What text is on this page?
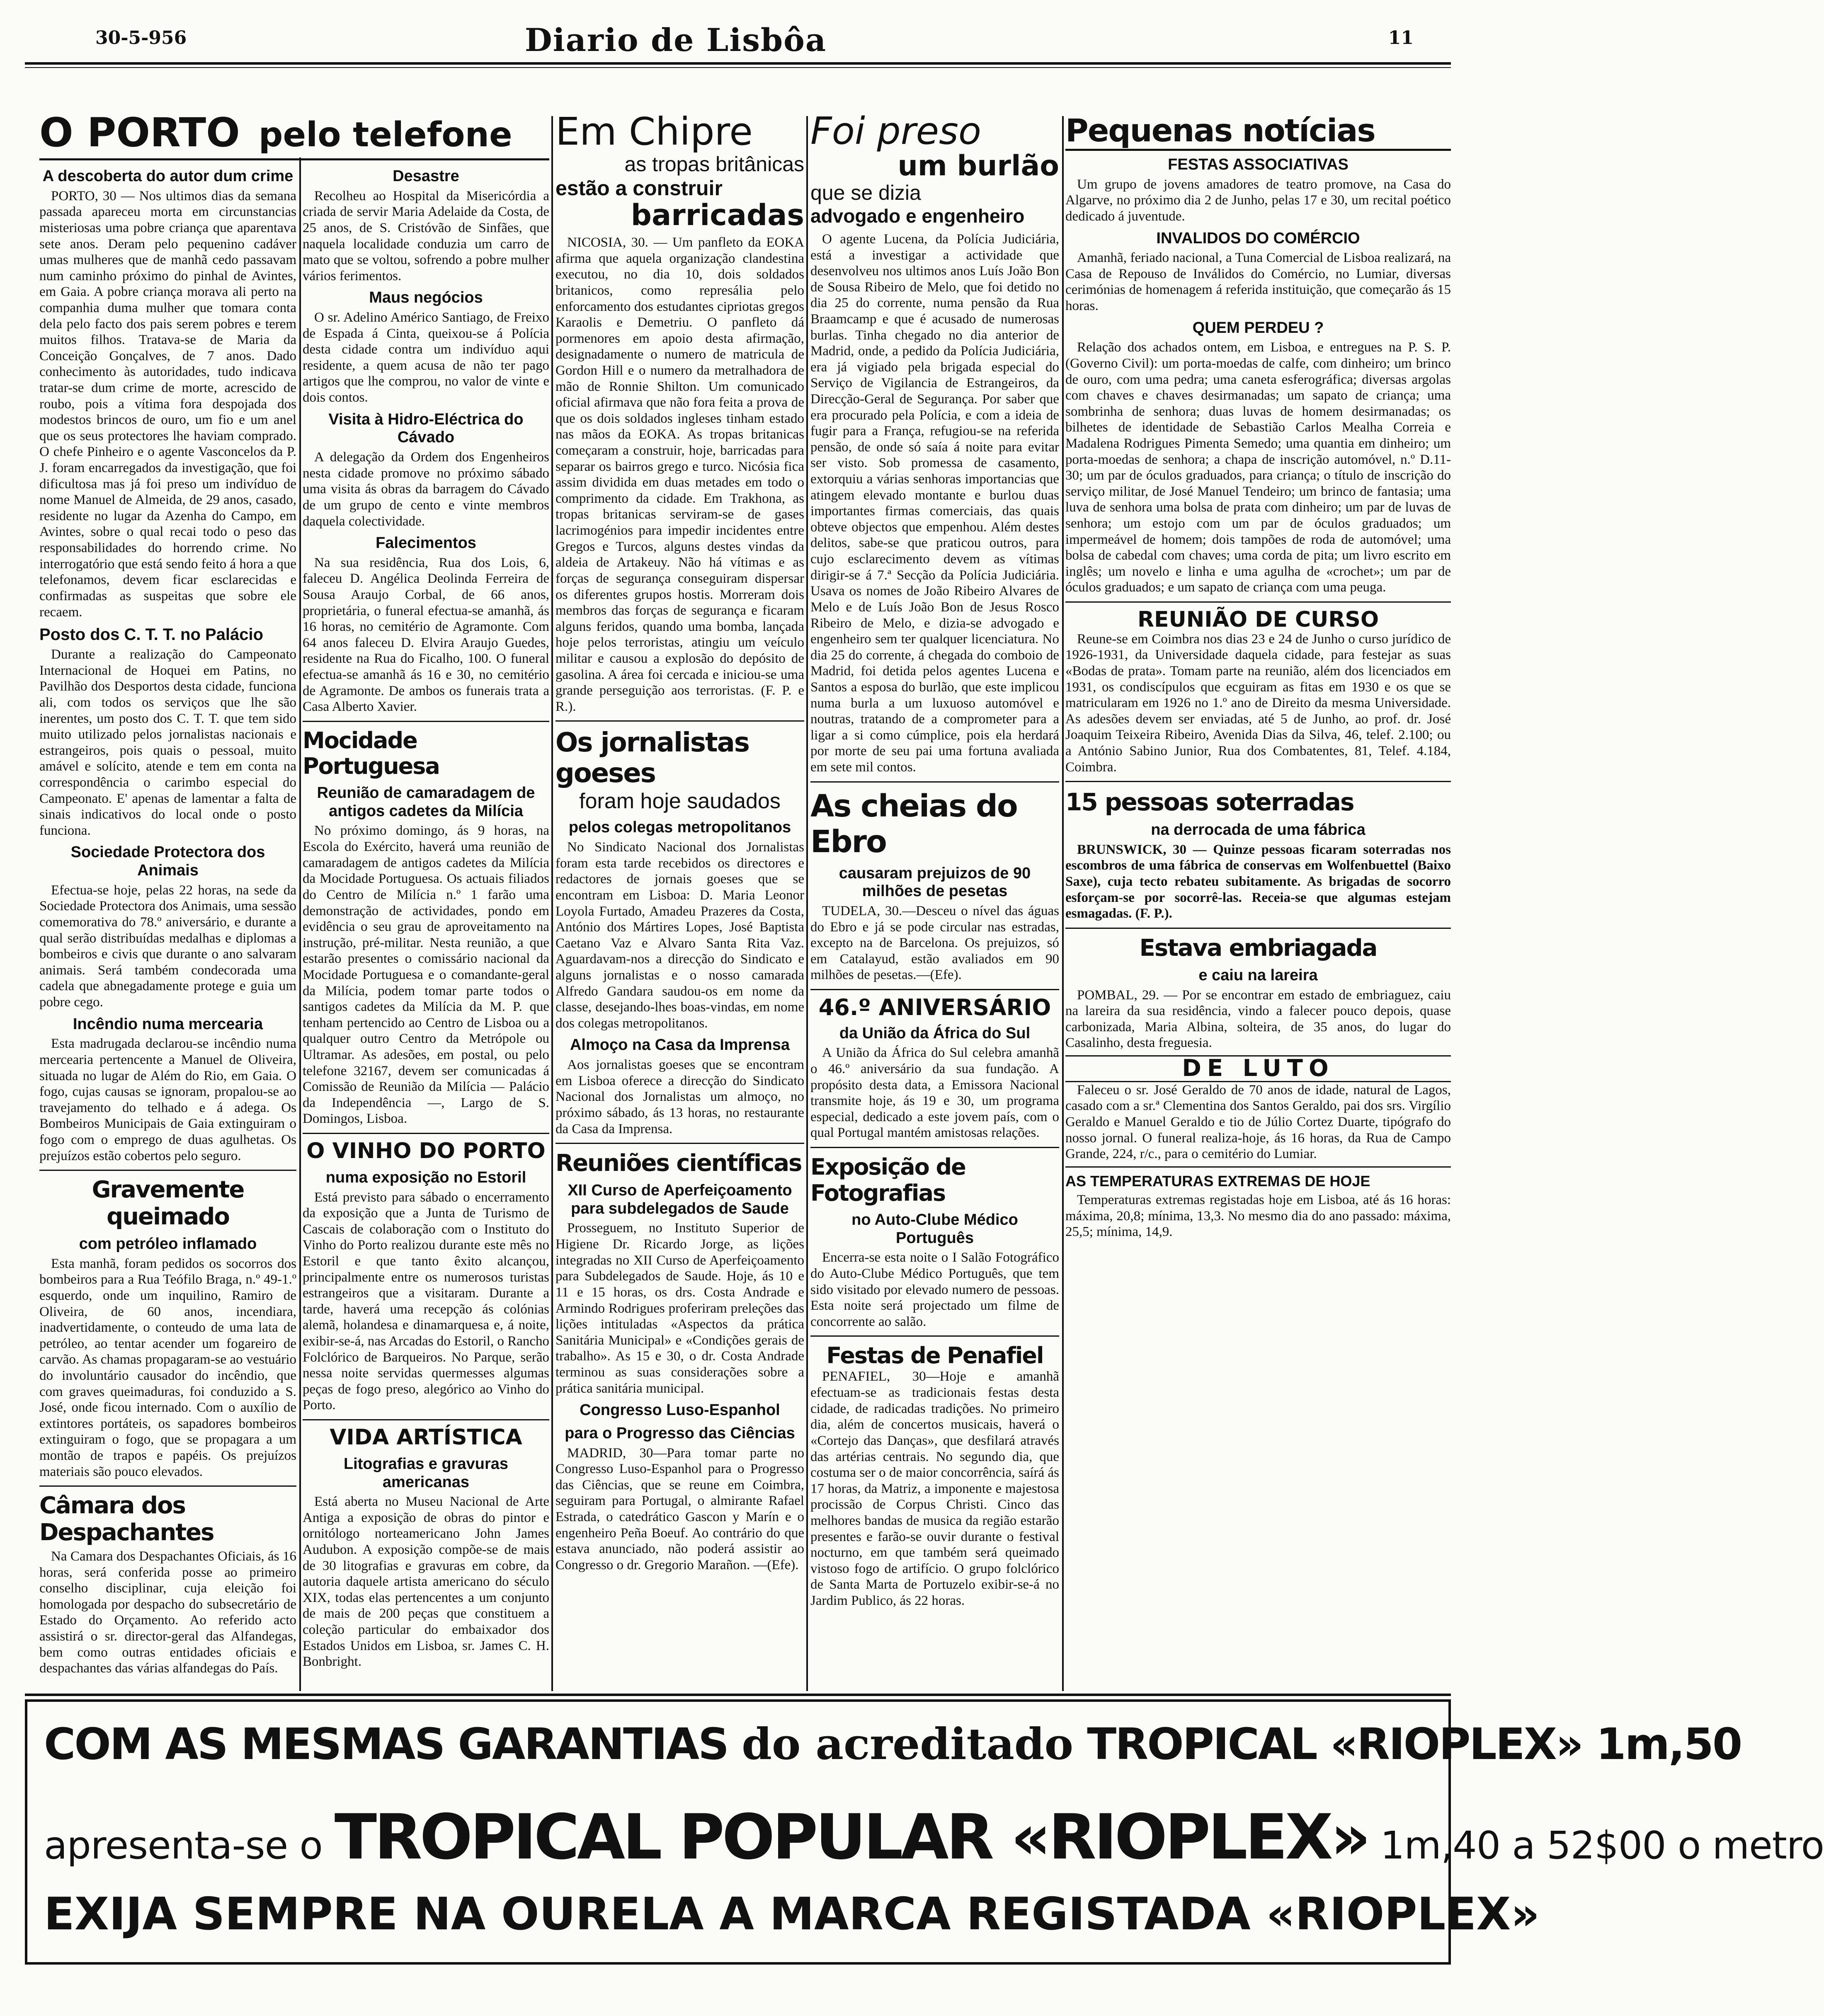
30-5-956	Diario de Lisbôa	11
O PORTO pelo telefone
A descoberta do autor dum crime

PORTO, 30 — Nos ultimos dias da semana passada apareceu morta em circunstancias misteriosas uma pobre criança que aparentava sete anos. Deram pelo pequenino cadáver umas mulheres que de manhã cedo passavam num caminho próximo do pinhal de Avintes, em Gaia. A pobre criança morava ali perto na companhia duma mulher que tomara conta dela pelo facto dos pais serem pobres e terem muitos filhos. Tratava-se de Maria da Conceição Gonçalves, de 7 anos. Dado conhecimento às autoridades, tudo indicava tratar-se dum crime de morte, acrescido de roubo, pois a vítima fora despojada dos modestos brincos de ouro, um fio e um anel que os seus protectores lhe haviam comprado. O chefe Pinheiro e o agente Vasconcelos da P. J. foram encarregados da investigação, que foi dificultosa mas já foi preso um indivíduo de nome Manuel de Almeida, de 29 anos, casado, residente no lugar da Azenha do Campo, em Avintes, sobre o qual recai todo o peso das responsabilidades do horrendo crime. No interrogatório que está sendo feito á hora a que telefonamos, devem ficar esclarecidas e confirmadas as suspeitas que sobre ele recaem.

Posto dos C. T. T. no Palácio

Durante a realização do Campeonato Internacional de Hoquei em Patins, no Pavilhão dos Desportos desta cidade, funciona ali, com todos os serviços que lhe são inerentes, um posto dos C. T. T. que tem sido muito utilizado pelos jornalistas nacionais e estrangeiros, pois quais o pessoal, muito amável e solícito, atende e tem em conta na correspondência o carimbo especial do Campeonato. E' apenas de lamentar a falta de sinais indicativos do local onde o posto funciona.

Sociedade Protectora dos Animais

Efectua-se hoje, pelas 22 horas, na sede da Sociedade Protectora dos Animais, uma sessão comemorativa do 78.º aniversário, e durante a qual serão distribuídas medalhas e diplomas a bombeiros e civis que durante o ano salvaram animais. Será também condecorada uma cadela que abnegadamente protege e guia um pobre cego.

Incêndio numa mercearia

Esta madrugada declarou-se incêndio numa mercearia pertencente a Manuel de Oliveira, situada no lugar de Além do Rio, em Gaia. O fogo, cujas causas se ignoram, propalou-se ao travejamento do telhado e á adega. Os Bombeiros Municipais de Gaia extinguiram o fogo com o emprego de duas agulhetas. Os prejuízos estão cobertos pelo seguro.

Gravemente queimado
com petróleo inflamado

Esta manhã, foram pedidos os socorros dos bombeiros para a Rua Teófilo Braga, n.º 49-1.º esquerdo, onde um inquilino, Ramiro de Oliveira, de 60 anos, incendiara, inadvertidamente, o conteudo de uma lata de petróleo, ao tentar acender um fogareiro de carvão. As chamas propagaram-se ao vestuário do involuntário causador do incêndio, que com graves queimaduras, foi conduzido a S. José, onde ficou internado. Com o auxílio de extintores portáteis, os sapadores bombeiros extinguiram o fogo, que se propagara a um montão de trapos e papéis. Os prejuízos materiais são pouco elevados.

Câmara dos Despachantes

Na Camara dos Despachantes Oficiais, ás 16 horas, será conferida posse ao primeiro conselho disciplinar, cuja eleição foi homologada por despacho do subsecretário de Estado do Orçamento. Ao referido acto assistirá o sr. director-geral das Alfandegas, bem como outras entidades oficiais e despachantes das várias alfandegas do País.

Desastre

Recolheu ao Hospital da Misericórdia a criada de servir Maria Adelaide da Costa, de 25 anos, de S. Cristóvão de Sinfães, que naquela localidade conduzia um carro de mato que se voltou, sofrendo a pobre mulher vários ferimentos.

Maus negócios

O sr. Adelino Américo Santiago, de Freixo de Espada á Cinta, queixou-se á Polícia desta cidade contra um indivíduo aqui residente, a quem acusa de não ter pago artigos que lhe comprou, no valor de vinte e dois contos.

Visita à Hidro-Eléctrica do Cávado

A delegação da Ordem dos Engenheiros nesta cidade promove no próximo sábado uma visita ás obras da barragem do Cávado de um grupo de cento e vinte membros daquela colectividade.

Falecimentos

Na sua residência, Rua dos Lois, 6, faleceu D. Angélica Deolinda Ferreira de Sousa Araujo Corbal, de 66 anos, proprietária, o funeral efectua-se amanhã, ás 16 horas, no cemitério de Agramonte. Com 64 anos faleceu D. Elvira Araujo Guedes, residente na Rua do Ficalho, 100. O funeral efectua-se amanhã ás 16 e 30, no cemitério de Agramonte. De ambos os funerais trata a Casa Alberto Xavier.

Mocidade Portuguesa
Reunião de camaradagem de antigos cadetes da Milícia

No próximo domingo, ás 9 horas, na Escola do Exército, haverá uma reunião de camaradagem de antigos cadetes da Milícia da Mocidade Portuguesa. Os actuais filiados do Centro de Milícia n.º 1 farão uma demonstração de actividades, pondo em evidência o seu grau de aproveitamento na instrução, pré-militar. Nesta reunião, a que estarão presentes o comissário nacional da Mocidade Portuguesa e o comandante-geral da Milícia, podem tomar parte todos o santigos cadetes da Milícia da M. P. que tenham pertencido ao Centro de Lisboa ou a qualquer outro Centro da Metrópole ou Ultramar. As adesões, em postal, ou pelo telefone 32167, devem ser comunicadas á Comissão de Reunião da Milícia — Palácio da Independência —, Largo de S. Domingos, Lisboa.

O VINHO DO PORTO
numa exposição no Estoril

Está previsto para sábado o encerramento da exposição que a Junta de Turismo de Cascais de colaboração com o Instituto do Vinho do Porto realizou durante este mês no Estoril e que tanto êxito alcançou, principalmente entre os numerosos turistas estrangeiros que a visitaram. Durante a tarde, haverá uma recepção ás colónias alemã, holandesa e dinamarquesa e, á noite, exibir-se-á, nas Arcadas do Estoril, o Rancho Folclórico de Barqueiros. No Parque, serão nessa noite servidas quermesses algumas peças de fogo preso, alegórico ao Vinho do Porto.

VIDA ARTÍSTICA
Litografias e gravuras americanas

Está aberta no Museu Nacional de Arte Antiga a exposição de obras do pintor e ornitólogo norteamericano John James Audubon. A exposição compõe-se de mais de 30 litografias e gravuras em cobre, da autoria daquele artista americano do século XIX, todas elas pertencentes a um conjunto de mais de 200 peças que constituem a coleção particular do embaixador dos Estados Unidos em Lisboa, sr. James C. H. Bonbright.

Em Chipre
as tropas britânicas
estão a construir
barricadas

NICOSIA, 30. — Um panfleto da EOKA afirma que aquela organização clandestina executou, no dia 10, dois soldados britanicos, como represália pelo enforcamento dos estudantes cipriotas gregos Karaolis e Demetriu. O panfleto dá pormenores em apoio desta afirmação, designadamente o numero de matricula de Gordon Hill e o numero da metralhadora de mão de Ronnie Shilton. Um comunicado oficial afirmava que não fora feita a prova de que os dois soldados ingleses tinham estado nas mãos da EOKA. As tropas britanicas começaram a construir, hoje, barricadas para separar os bairros grego e turco. Nicósia fica assim dividida em duas metades em todo o comprimento da cidade. Em Trakhona, as tropas britanicas serviram-se de gases lacrimogénios para impedir incidentes entre Gregos e Turcos, alguns destes vindas da aldeia de Artakeuy. Não há vítimas e as forças de segurança conseguiram dispersar os diferentes grupos hostis. Morreram dois membros das forças de segurança e ficaram alguns feridos, quando uma bomba, lançada hoje pelos terroristas, atingiu um veículo militar e causou a explosão do depósito de gasolina. A área foi cercada e iniciou-se uma grande perseguição aos terroristas. (F. P. e R.).

Os jornalistas goeses
foram hoje saudados
pelos colegas metropolitanos

No Sindicato Nacional dos Jornalistas foram esta tarde recebidos os directores e redactores de jornais goeses que se encontram em Lisboa: D. Maria Leonor Loyola Furtado, Amadeu Prazeres da Costa, António dos Mártires Lopes, José Baptista Caetano Vaz e Alvaro Santa Rita Vaz. Aguardavam-nos a direcção do Sindicato e alguns jornalistas e o nosso camarada Alfredo Gandara saudou-os em nome da classe, desejando-lhes boas-vindas, em nome dos colegas metropolitanos.

Almoço na Casa da Imprensa

Aos jornalistas goeses que se encontram em Lisboa oferece a direcção do Sindicato Nacional dos Jornalistas um almoço, no próximo sábado, ás 13 horas, no restaurante da Casa da Imprensa.

Reuniões científicas
XII Curso de Aperfeiçoamento para subdelegados de Saude

Prosseguem, no Instituto Superior de Higiene Dr. Ricardo Jorge, as lições integradas no XII Curso de Aperfeiçoamento para Subdelegados de Saude. Hoje, ás 10 e 11 e 15 horas, os drs. Costa Andrade e Armindo Rodrigues proferiram preleções das lições intituladas «Aspectos da prática Sanitária Municipal» e «Condições gerais de trabalho». As 15 e 30, o dr. Costa Andrade terminou as suas considerações sobre a prática sanitária municipal.

Congresso Luso-Espanhol
para o Progresso das Ciências

MADRID, 30—Para tomar parte no Congresso Luso-Espanhol para o Progresso das Ciências, que se reune em Coimbra, seguiram para Portugal, o almirante Rafael Estrada, o catedrático Gascon y Marín e o engenheiro Peña Boeuf. Ao contrário do que estava anunciado, não poderá assistir ao Congresso o dr. Gregorio Marañon. —(Efe).

Foi preso
um burlão
que se dizia
advogado e engenheiro

O agente Lucena, da Polícia Judiciária, está a investigar a actividade que desenvolveu nos ultimos anos Luís João Bon de Sousa Ribeiro de Melo, que foi detido no dia 25 do corrente, numa pensão da Rua Braamcamp e que é acusado de numerosas burlas. Tinha chegado no dia anterior de Madrid, onde, a pedido da Polícia Judiciária, era já vigiado pela brigada especial do Serviço de Vigilancia de Estrangeiros, da Direcção-Geral de Segurança. Por saber que era procurado pela Polícia, e com a ideia de fugir para a França, refugiou-se na referida pensão, de onde só saía á noite para evitar ser visto. Sob promessa de casamento, extorquiu a várias senhoras importancias que atingem elevado montante e burlou duas importantes firmas comerciais, das quais obteve objectos que empenhou. Além destes delitos, sabe-se que praticou outros, para cujo esclarecimento devem as vítimas dirigir-se á 7.ª Secção da Polícia Judiciária. Usava os nomes de João Ribeiro Alvares de Melo e de Luís João Bon de Jesus Rosco Ribeiro de Melo, e dizia-se advogado e engenheiro sem ter qualquer licenciatura. No dia 25 do corrente, á chegada do comboio de Madrid, foi detida pelos agentes Lucena e Santos a esposa do burlão, que este implicou numa burla a um luxuoso automóvel e noutras, tratando de a comprometer para a ligar a si como cúmplice, pois ela herdará por morte de seu pai uma fortuna avaliada em sete mil contos.

As cheias do Ebro
causaram prejuizos de 90 milhões de pesetas

TUDELA, 30.—Desceu o nível das águas do Ebro e já se pode circular nas estradas, excepto na de Barcelona. Os prejuizos, só em Catalayud, estão avaliados em 90 milhões de pesetas.—(Efe).

46.º ANIVERSÁRIO
da União da África do Sul

A União da África do Sul celebra amanhã o 46.º aniversário da sua fundação. A propósito desta data, a Emissora Nacional transmite hoje, ás 19 e 30, um programa especial, dedicado a este jovem país, com o qual Portugal mantém amistosas relações.

Exposição de Fotografias
no Auto-Clube Médico Português

Encerra-se esta noite o I Salão Fotográfico do Auto-Clube Médico Português, que tem sido visitado por elevado numero de pessoas. Esta noite será projectado um filme de concorrente ao salão.

Festas de Penafiel

PENAFIEL, 30—Hoje e amanhã efectuam-se as tradicionais festas desta cidade, de radicadas tradições. No primeiro dia, além de concertos musicais, haverá o «Cortejo das Danças», que desfilará através das artérias centrais. No segundo dia, que costuma ser o de maior concorrência, saírá ás 17 horas, da Matriz, a imponente e majestosa procissão de Corpus Christi. Cinco das melhores bandas de musica da região estarão presentes e farão-se ouvir durante o festival nocturno, em que também será queimado vistoso fogo de artifício. O grupo folclórico de Santa Marta de Portuzelo exibir-se-á no Jardim Publico, ás 22 horas.

Pequenas notícias
FESTAS ASSOCIATIVAS

Um grupo de jovens amadores de teatro promove, na Casa do Algarve, no próximo dia 2 de Junho, pelas 17 e 30, um recital poético dedicado á juventude.

INVALIDOS DO COMÉRCIO

Amanhã, feriado nacional, a Tuna Comercial de Lisboa realizará, na Casa de Repouso de Inválidos do Comércio, no Lumiar, diversas cerimónias de homenagem á referida instituição, que começarão ás 15 horas.

QUEM PERDEU ?

Relação dos achados ontem, em Lisboa, e entregues na P. S. P. (Governo Civil): um porta-moedas de calfe, com dinheiro; um brinco de ouro, com uma pedra; uma caneta esferográfica; diversas argolas com chaves e chaves desirmanadas; um sapato de criança; uma sombrinha de senhora; duas luvas de homem desirmanadas; os bilhetes de identidade de Sebastião Carlos Mealha Correia e Madalena Rodrigues Pimenta Semedo; uma quantia em dinheiro; um porta-moedas de senhora; a chapa de inscrição automóvel, n.º D.11-30; um par de óculos graduados, para criança; o título de inscrição do serviço militar, de José Manuel Tendeiro; um brinco de fantasia; uma luva de senhora uma bolsa de prata com dinheiro; um par de luvas de senhora; um estojo com um par de óculos graduados; um impermeável de homem; dois tampões de roda de automóvel; uma bolsa de cabedal com chaves; uma corda de pita; um livro escrito em inglês; um novelo e linha e uma agulha de «crochet»; um par de óculos graduados; e um sapato de criança com uma peuga.

REUNIÃO DE CURSO

Reune-se em Coimbra nos dias 23 e 24 de Junho o curso jurídico de 1926-1931, da Universidade daquela cidade, para festejar as suas «Bodas de prata». Tomam parte na reunião, além dos licenciados em 1931, os condiscípulos que ecguiram as fitas em 1930 e os que se matricularam em 1926 no 1.º ano de Direito da mesma Universidade. As adesões devem ser enviadas, até 5 de Junho, ao prof. dr. José Joaquim Teixeira Ribeiro, Avenida Dias da Silva, 46, telef. 2.100; ou a António Sabino Junior, Rua dos Combatentes, 81, Telef. 4.184, Coimbra.

15 pessoas soterradas
na derrocada de uma fábrica

BRUNSWICK, 30 — Quinze pessoas ficaram soterradas nos escombros de uma fábrica de conservas em Wolfenbuettel (Baixo Saxe), cuja tecto rebateu subitamente. As brigadas de socorro esforçam-se por socorrê-las. Receia-se que algumas estejam esmagadas. (F. P.).

Estava embriagada
e caiu na lareira

POMBAL, 29. — Por se encontrar em estado de embriaguez, caiu na lareira da sua residência, vindo a falecer pouco depois, quase carbonizada, Maria Albina, solteira, de 35 anos, do lugar do Casalinho, desta freguesia.

DE LUTO

Faleceu o sr. José Geraldo de 70 anos de idade, natural de Lagos, casado com a sr.ª Clementina dos Santos Geraldo, pai dos srs. Virgílio Geraldo e Manuel Geraldo e tio de Júlio Cortez Duarte, tipógrafo do nosso jornal. O funeral realiza-hoje, ás 16 horas, da Rua de Campo Grande, 224, r/c., para o cemitério do Lumiar.

AS TEMPERATURAS EXTREMAS DE HOJE

Temperaturas extremas registadas hoje em Lisboa, até ás 16 horas: máxima, 20,8; mínima, 13,3. No mesmo dia do ano passado: máxima, 25,5; mínima, 14,9.

COM AS MESMAS GARANTIAS do acreditado TROPICAL «RIOPLEX» 1m,50
apresenta-se o TROPICAL POPULAR «RIOPLEX» 1m,40 a 52$00 o metro
EXIJA SEMPRE NA OURELA A MARCA REGISTADA «RIOPLEX»
